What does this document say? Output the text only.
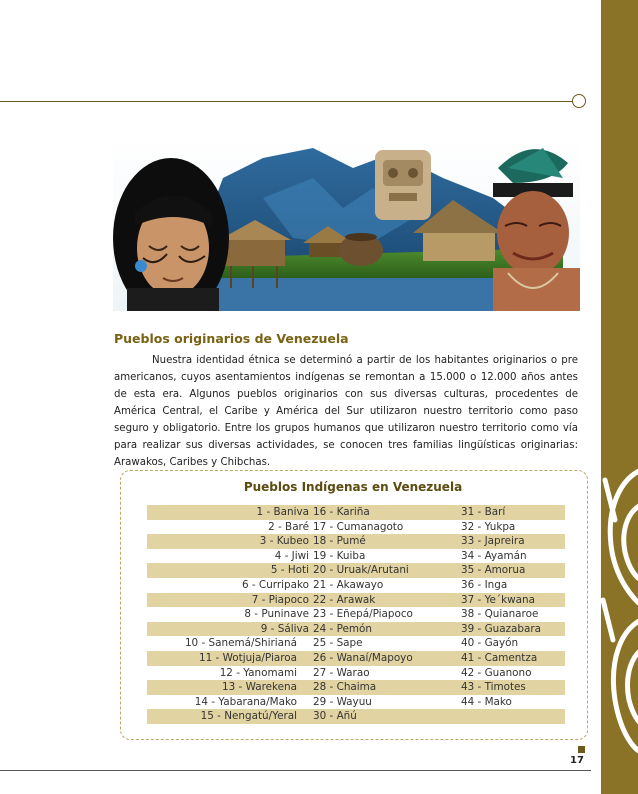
Pueblos originarios de Venezuela
Nuestra identidad étnica se determinó a partir de los habitantes originarios o pre americanos, cuyos asentamientos indígenas se remontan a 15.000 o 12.000 años antes de esta era. Algunos pueblos originarios con sus diversas culturas, procedentes de América Central, el Caribe y América del Sur utilizaron nuestro territorio como paso seguro y obligatorio. Entre los grupos humanos que utilizaron nuestro territorio como vía para realizar sus diversas actividades, se conocen tres familias lingüísticas originarias: Arawakos, Caribes y Chibchas.
Pueblos Indígenas en Venezuela
1 - Baniva 16 - Kariña	31 - Barí
2 - Baré 17 - Cumanagoto	32 - Yukpa
3 - Kubeo 18 - Pumé	33 - Japreira
4 - Jiwi 19 - Kuiba	34 - Ayamán
5 - Hoti 20 - Uruak/Arutani	35 - Amorua
6 - Curripako 21 - Akawayo	36 - Inga
7 - Piapoco 22 - Arawak	37 - Ye´kwana
8 - Puninave 23 - Eñepá/Piapoco	38 - Quianaroe
9 - Sáliva 24 - Pemón	39 - Guazabara
10 - Sanemá/Shirianá 25 - Sape	40 - Gayón
11 - Wotjuja/Piaroa 26 - Wanaí/Mapoyo	41 - Camentza
12 - Yanomami 27 - Warao	42 - Guanono
13 - Warekena 28 - Chaima	43 - Timotes
14 - Yabarana/Mako 29 - Wayuu	44 - Mako
15 - Nengatú/Yeral 30 - Añú
17
